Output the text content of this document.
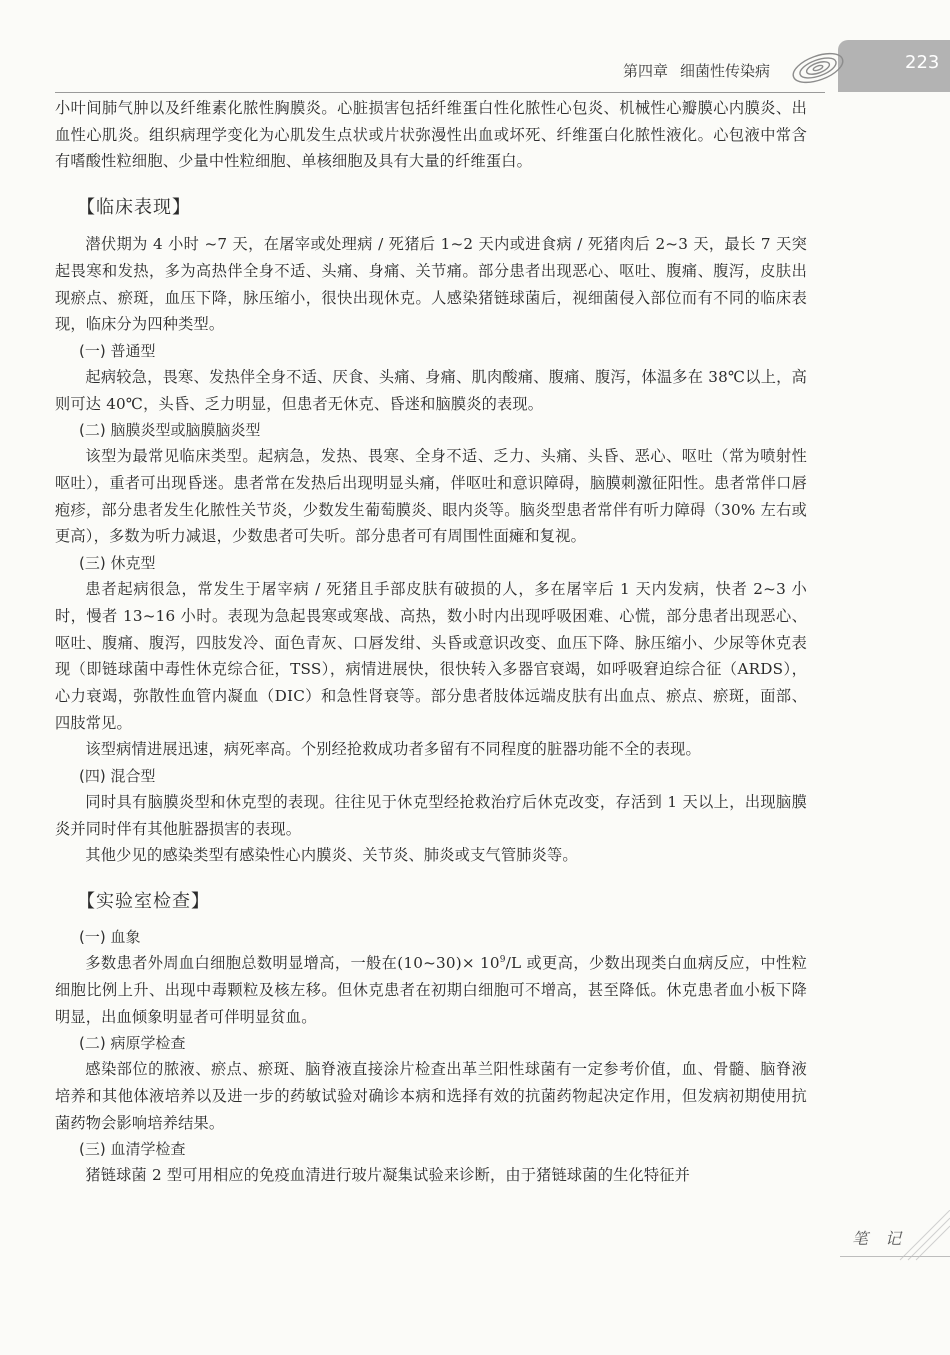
223
第四章 细菌性传染病

小叶间肺气肿以及纤维素化脓性胸膜炎。心脏损害包括纤维蛋白性化脓性心包炎、机械性心瓣膜心内膜炎、出血性心肌炎。组织病理学变化为心肌发生点状或片状弥漫性出血或坏死、纤维蛋白化脓性液化。心包液中常含有嗜酸性粒细胞、少量中性粒细胞、单核细胞及具有大量的纤维蛋白。

【临床表现】

潜伏期为 4 小时 ~7 天，在屠宰或处理病 / 死猪后 1~2 天内或进食病 / 死猪肉后 2~3 天，最长 7 天突起畏寒和发热，多为高热伴全身不适、头痛、身痛、关节痛。部分患者出现恶心、呕吐、腹痛、腹泻，皮肤出现瘀点、瘀斑，血压下降，脉压缩小，很快出现休克。人感染猪链球菌后，视细菌侵入部位而有不同的临床表现，临床分为四种类型。

(一) 普通型

起病较急，畏寒、发热伴全身不适、厌食、头痛、身痛、肌肉酸痛、腹痛、腹泻，体温多在 38℃以上，高则可达 40℃，头昏、乏力明显，但患者无休克、昏迷和脑膜炎的表现。

(二) 脑膜炎型或脑膜脑炎型

该型为最常见临床类型。起病急，发热、畏寒、全身不适、乏力、头痛、头昏、恶心、呕吐（常为喷射性呕吐），重者可出现昏迷。患者常在发热后出现明显头痛，伴呕吐和意识障碍，脑膜刺激征阳性。患者常伴口唇疱疹，部分患者发生化脓性关节炎，少数发生葡萄膜炎、眼内炎等。脑炎型患者常伴有听力障碍（30% 左右或更高），多数为听力减退，少数患者可失听。部分患者可有周围性面瘫和复视。

(三) 休克型

患者起病很急，常发生于屠宰病 / 死猪且手部皮肤有破损的人，多在屠宰后 1 天内发病，快者 2~3 小时，慢者 13~16 小时。表现为急起畏寒或寒战、高热，数小时内出现呼吸困难、心慌，部分患者出现恶心、呕吐、腹痛、腹泻，四肢发冷、面色青灰、口唇发绀、头昏或意识改变、血压下降、脉压缩小、少尿等休克表现（即链球菌中毒性休克综合征，TSS），病情进展快，很快转入多器官衰竭，如呼吸窘迫综合征（ARDS），心力衰竭，弥散性血管内凝血（DIC）和急性肾衰等。部分患者肢体远端皮肤有出血点、瘀点、瘀斑，面部、四肢常见。

该型病情进展迅速，病死率高。个别经抢救成功者多留有不同程度的脏器功能不全的表现。

(四) 混合型

同时具有脑膜炎型和休克型的表现。往往见于休克型经抢救治疗后休克改变，存活到 1 天以上，出现脑膜炎并同时伴有其他脏器损害的表现。

其他少见的感染类型有感染性心内膜炎、关节炎、肺炎或支气管肺炎等。

【实验室检查】
(一) 血象

多数患者外周血白细胞总数明显增高，一般在(10~30)× $10^9/L$ 或更高，少数出现类白血病反应，中性粒细胞比例上升、出现中毒颗粒及核左移。但休克患者在初期白细胞可不增高，甚至降低。休克患者血小板下降明显，出血倾象明显者可伴明显贫血。

(二) 病原学检查

感染部位的脓液、瘀点、瘀斑、脑脊液直接涂片检查出革兰阳性球菌有一定参考价值，血、骨髓、脑脊液培养和其他体液培养以及进一步的药敏试验对确诊本病和选择有效的抗菌药物起决定作用，但发病初期使用抗菌药物会影响培养结果。

(三) 血清学检查

猪链球菌 2 型可用相应的免疫血清进行玻片凝集试验来诊断，由于猪链球菌的生化特征并

笔 记
